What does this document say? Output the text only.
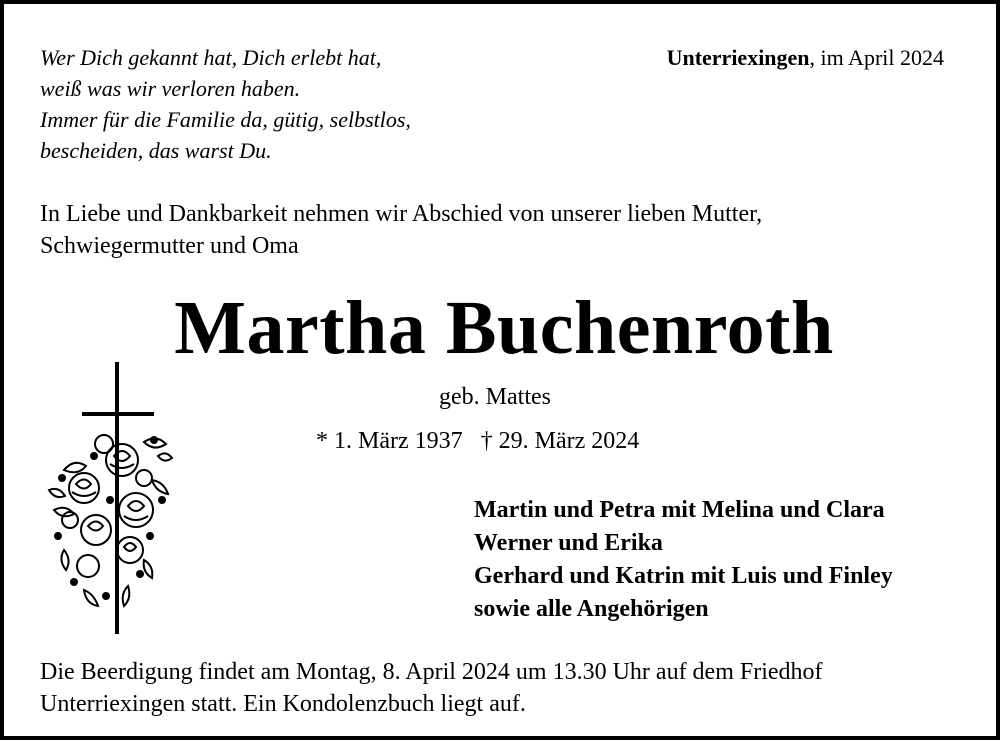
Wer Dich gekannt hat, Dich erlebt hat,
weiß was wir verloren haben.
Immer für die Familie da, gütig, selbstlos,
bescheiden, das warst Du.
Unterriexingen, im April 2024
In Liebe und Dankbarkeit nehmen wir Abschied von unserer lieben Mutter,
Schwiegermutter und Oma
Martha Buchenroth
geb. Mattes
* 1. März 1937 † 29. März 2024
Martin und Petra mit Melina und Clara
Werner und Erika
Gerhard und Katrin mit Luis und Finley
sowie alle Angehörigen
Die Beerdigung findet am Montag, 8. April 2024 um 13.30 Uhr auf dem Friedhof
Unterriexingen statt. Ein Kondolenzbuch liegt auf.
